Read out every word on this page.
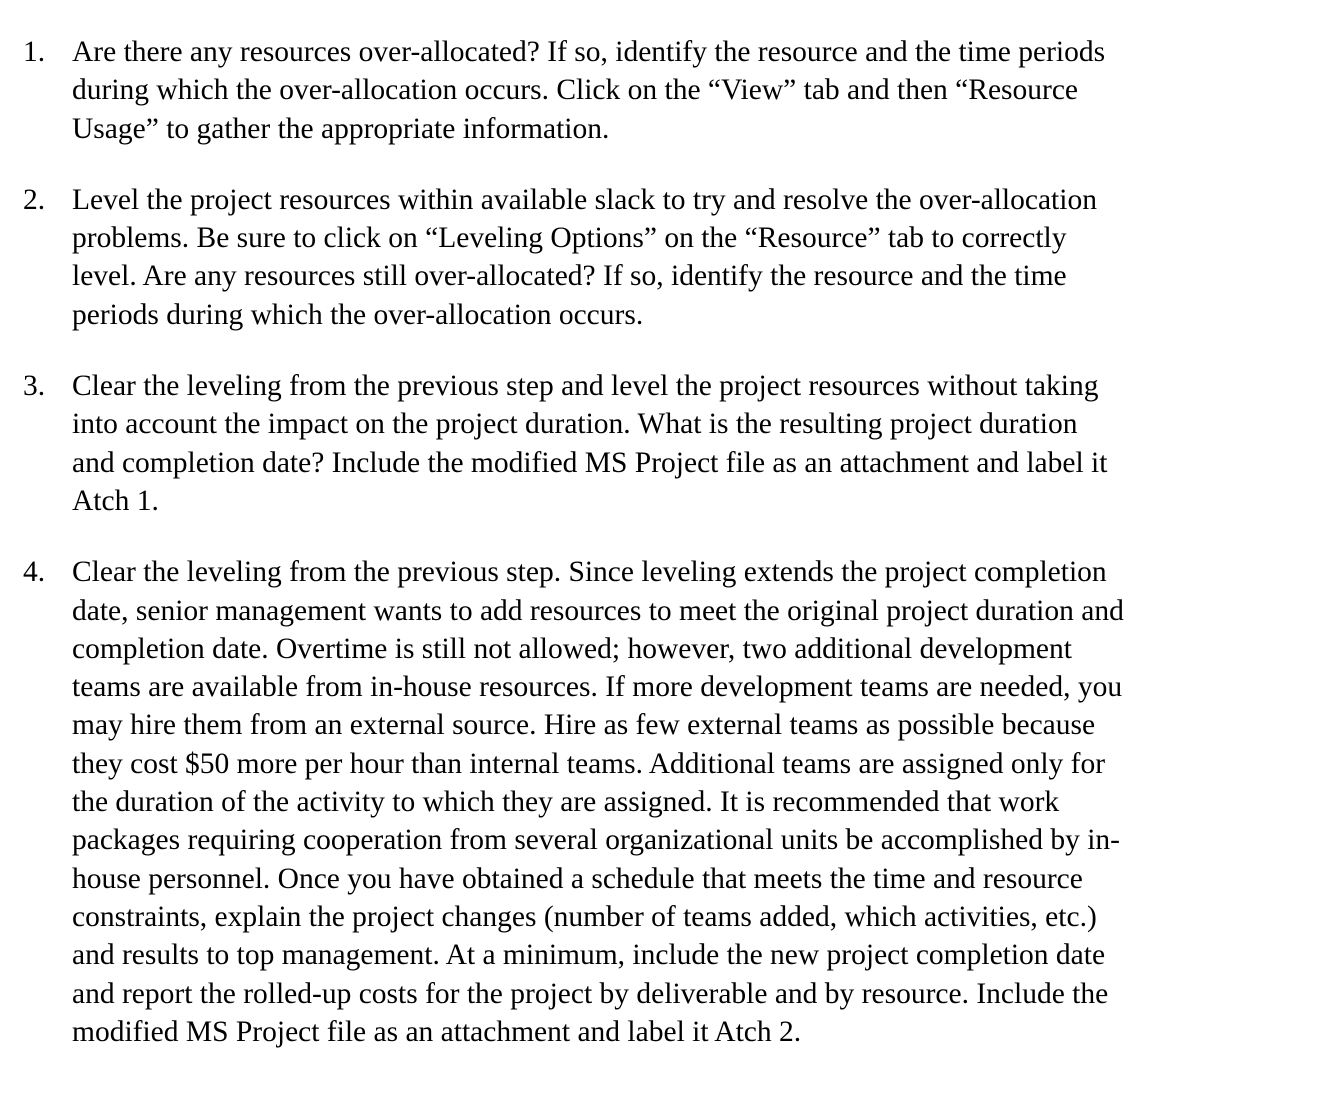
1. Are there any resources over-allocated? If so, identify the resource and the time periods
during which the over-allocation occurs. Click on the “View” tab and then “Resource
Usage” to gather the appropriate information.
2. Level the project resources within available slack to try and resolve the over-allocation
problems. Be sure to click on “Leveling Options” on the “Resource” tab to correctly
level. Are any resources still over-allocated? If so, identify the resource and the time
periods during which the over-allocation occurs.
3. Clear the leveling from the previous step and level the project resources without taking
into account the impact on the project duration. What is the resulting project duration
and completion date? Include the modified MS Project file as an attachment and label it
Atch 1.
4. Clear the leveling from the previous step. Since leveling extends the project completion
date, senior management wants to add resources to meet the original project duration and
completion date. Overtime is still not allowed; however, two additional development
teams are available from in-house resources. If more development teams are needed, you
may hire them from an external source. Hire as few external teams as possible because
they cost $50 more per hour than internal teams. Additional teams are assigned only for
the duration of the activity to which they are assigned. It is recommended that work
packages requiring cooperation from several organizational units be accomplished by in-
house personnel. Once you have obtained a schedule that meets the time and resource
constraints, explain the project changes (number of teams added, which activities, etc.)
and results to top management. At a minimum, include the new project completion date
and report the rolled-up costs for the project by deliverable and by resource. Include the
modified MS Project file as an attachment and label it Atch 2.
